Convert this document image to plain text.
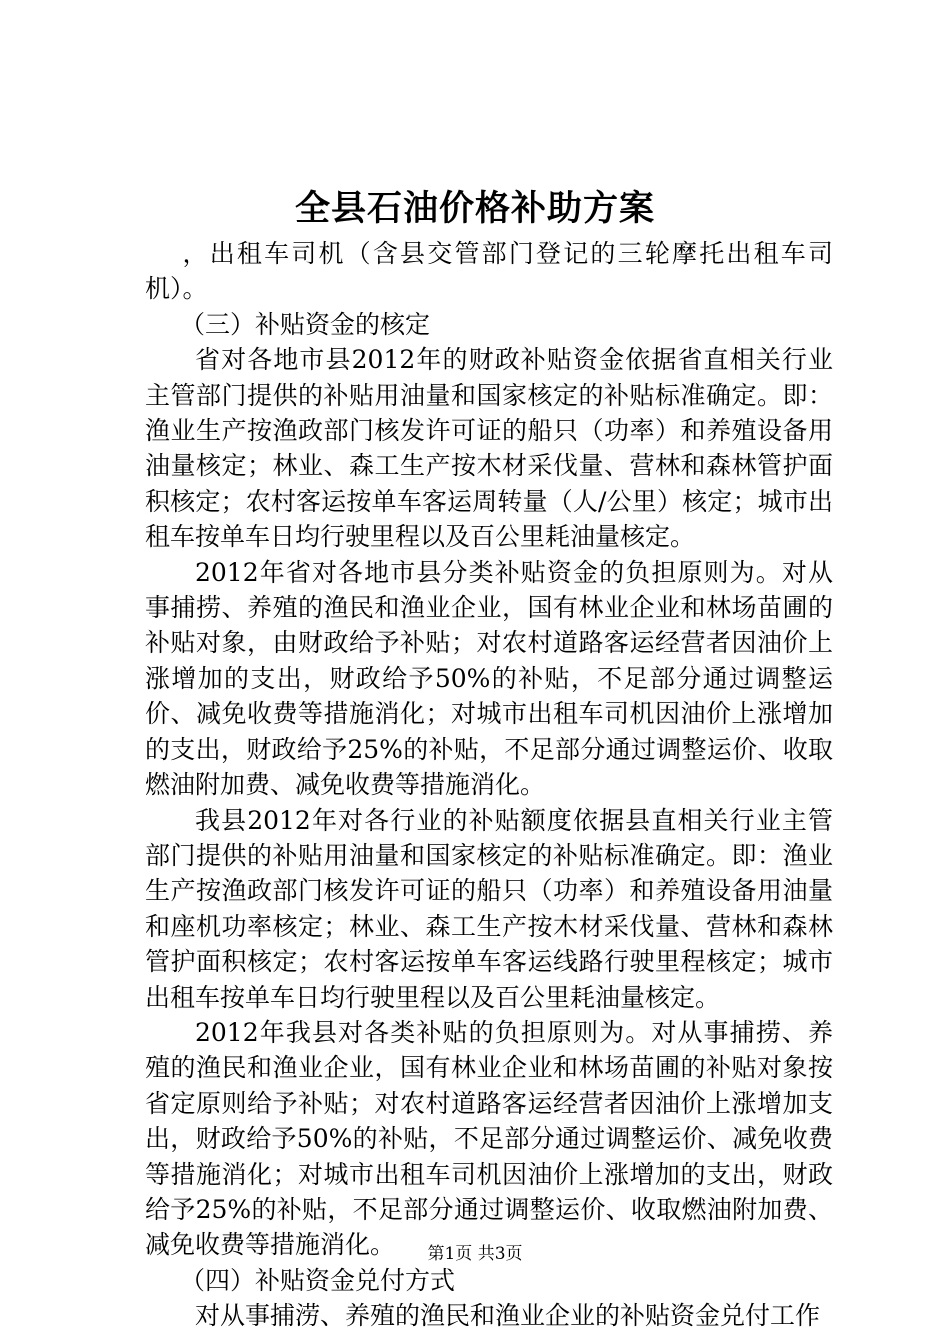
全县石油价格补助方案

，出租车司机（含县交管部门登记的三轮摩托出租车司机）。

（三）补贴资金的核定

省对各地市县2012年的财政补贴资金依据省直相关行业主管部门提供的补贴用油量和国家核定的补贴标准确定。即：渔业生产按渔政部门核发许可证的船只（功率）和养殖设备用油量核定；林业、森工生产按木材采伐量、营林和森林管护面积核定；农村客运按单车客运周转量（人/公里）核定；城市出租车按单车日均行驶里程以及百公里耗油量核定。

2012年省对各地市县分类补贴资金的负担原则为。对从事捕捞、养殖的渔民和渔业企业，国有林业企业和林场苗圃的补贴对象，由财政给予补贴；对农村道路客运经营者因油价上涨增加的支出，财政给予50%的补贴，不足部分通过调整运价、减免收费等措施消化；对城市出租车司机因油价上涨增加的支出，财政给予25%的补贴，不足部分通过调整运价、收取燃油附加费、减免收费等措施消化。

我县2012年对各行业的补贴额度依据县直相关行业主管部门提供的补贴用油量和国家核定的补贴标准确定。即：渔业生产按渔政部门核发许可证的船只（功率）和养殖设备用油量和座机功率核定；林业、森工生产按木材采伐量、营林和森林管护面积核定；农村客运按单车客运线路行驶里程核定；城市出租车按单车日均行驶里程以及百公里耗油量核定。

2012年我县对各类补贴的负担原则为。对从事捕捞、养殖的渔民和渔业企业，国有林业企业和林场苗圃的补贴对象按省定原则给予补贴；对农村道路客运经营者因油价上涨增加支出，财政给予50%的补贴，不足部分通过调整运价、减免收费等措施消化；对城市出租车司机因油价上涨增加的支出，财政给予25%的补贴，不足部分通过调整运价、收取燃油附加费、减免收费等措施消化。

（四）补贴资金兑付方式

对从事捕涝、养殖的渔民和渔业企业的补贴资金兑付工作

第1页 共3页
